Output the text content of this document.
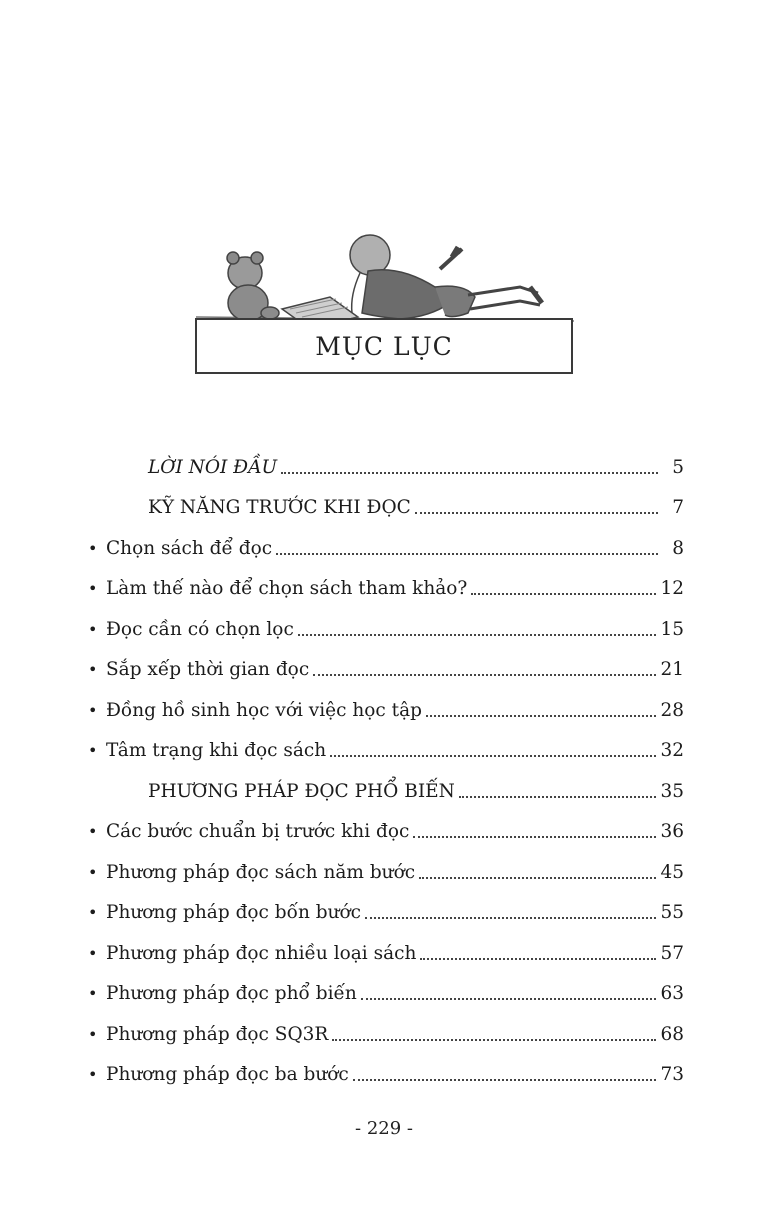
MỤC LỤC
LỜI NÓI ĐẦU	5
KỸ NĂNG TRƯỚC KHI ĐỌC	7
• Chọn sách để đọc	8
• Làm thế nào để chọn sách tham khảo?	12
• Đọc cần có chọn lọc	15
• Sắp xếp thời gian đọc	21
• Đồng hồ sinh học với việc học tập	28
• Tâm trạng khi đọc sách	32
PHƯƠNG PHÁP ĐỌC PHỔ BIẾN	35
• Các bước chuẩn bị trước khi đọc	36
• Phương pháp đọc sách năm bước	45
• Phương pháp đọc bốn bước	55
• Phương pháp đọc nhiều loại sách	57
• Phương pháp đọc phổ biến	63
• Phương pháp đọc SQ3R	68
• Phương pháp đọc ba bước	73
- 229 -
